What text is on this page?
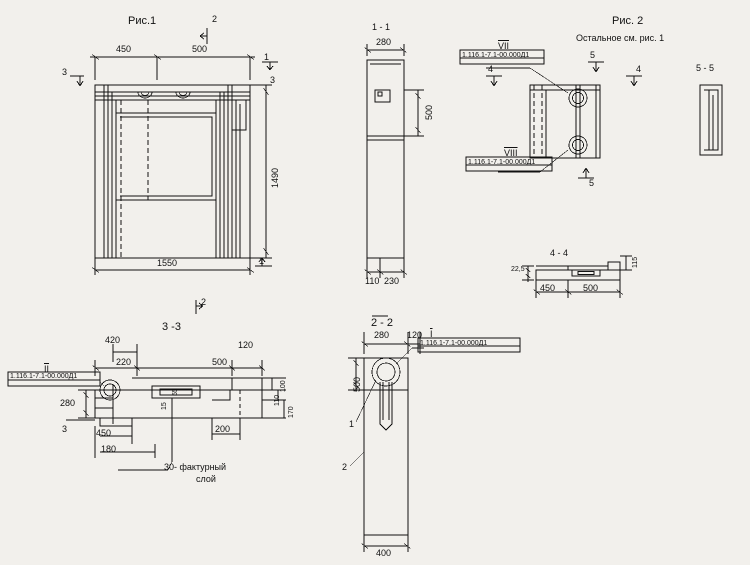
Рис.1	2
2
1
1
3
450	500
1550
1490
3
1 - 1
280
500
110 230
Рис. 2
Остальное см. рис. 1
$\overline{VII}$
1.116.1-7.1-00.000Д1
VIII
1.116.1-7.1-00.000Д1
4	4
5
5
5 - 5
4 - 4
22,5
115
450	500
3 -3
420
220	500
120
55
15
100
110
170
280
3	450
180
200
$\overline{II}$
1.116.1-7.1-00.000Д1
30- фактурный
слой
2 - 2
280 120
500
400
$\overline{I}$
1.116.1-7.1-00.000Д1
1
2
